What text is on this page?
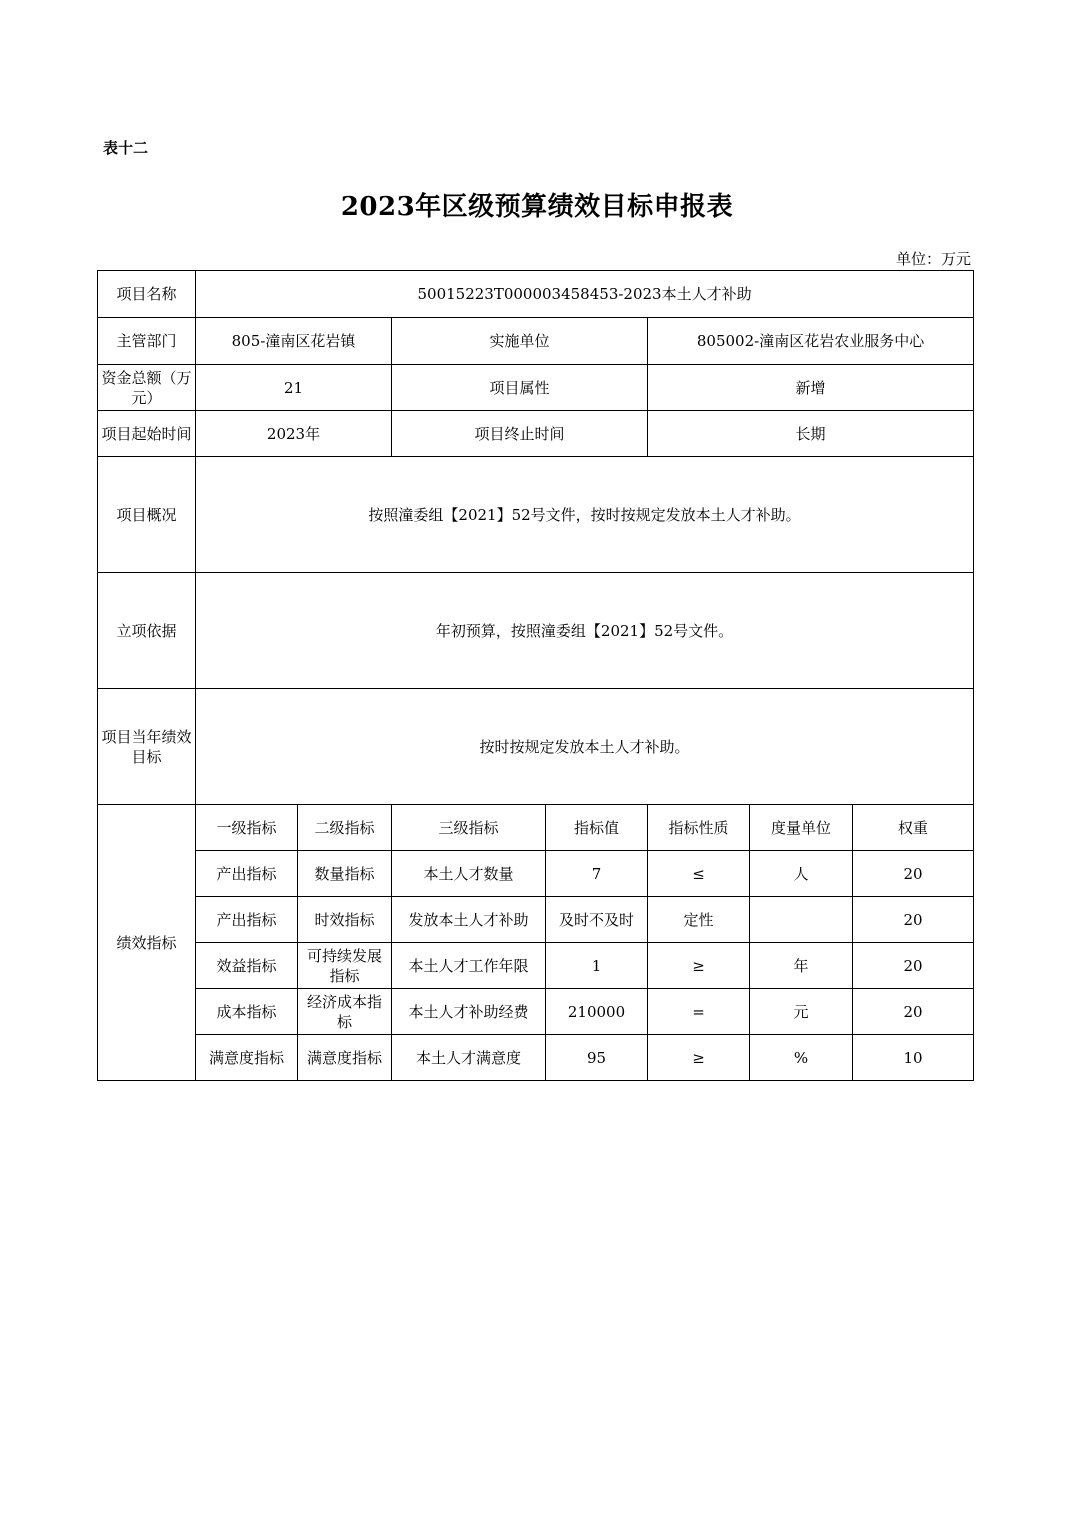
表十二
2023年区级预算绩效目标申报表
单位：万元
项目名称	50015223T000003458453-2023本土人才补助						
主管部门	805-潼南区花岩镇		实施单位		805002-潼南区花岩农业服务中心		
资金总额（万元）	21		项目属性		新增		
项目起始时间	2023年		项目终止时间		长期		
项目概况	按照潼委组【2021】52号文件，按时按规定发放本土人才补助。						
立项依据	年初预算，按照潼委组【2021】52号文件。						
项目当年绩效目标	按时按规定发放本土人才补助。						
绩效指标	一级指标	二级指标	三级指标	指标值	指标性质	度量单位	权重
	产出指标	数量指标	本土人才数量	7	≤	人	20
	产出指标	时效指标	发放本土人才补助	及时不及时	定性		20
	效益指标	可持续发展指标	本土人才工作年限	1	≥	年	20
	成本指标	经济成本指标	本土人才补助经费	210000	=	元	20
	满意度指标	满意度指标	本土人才满意度	95	≥	%	10
